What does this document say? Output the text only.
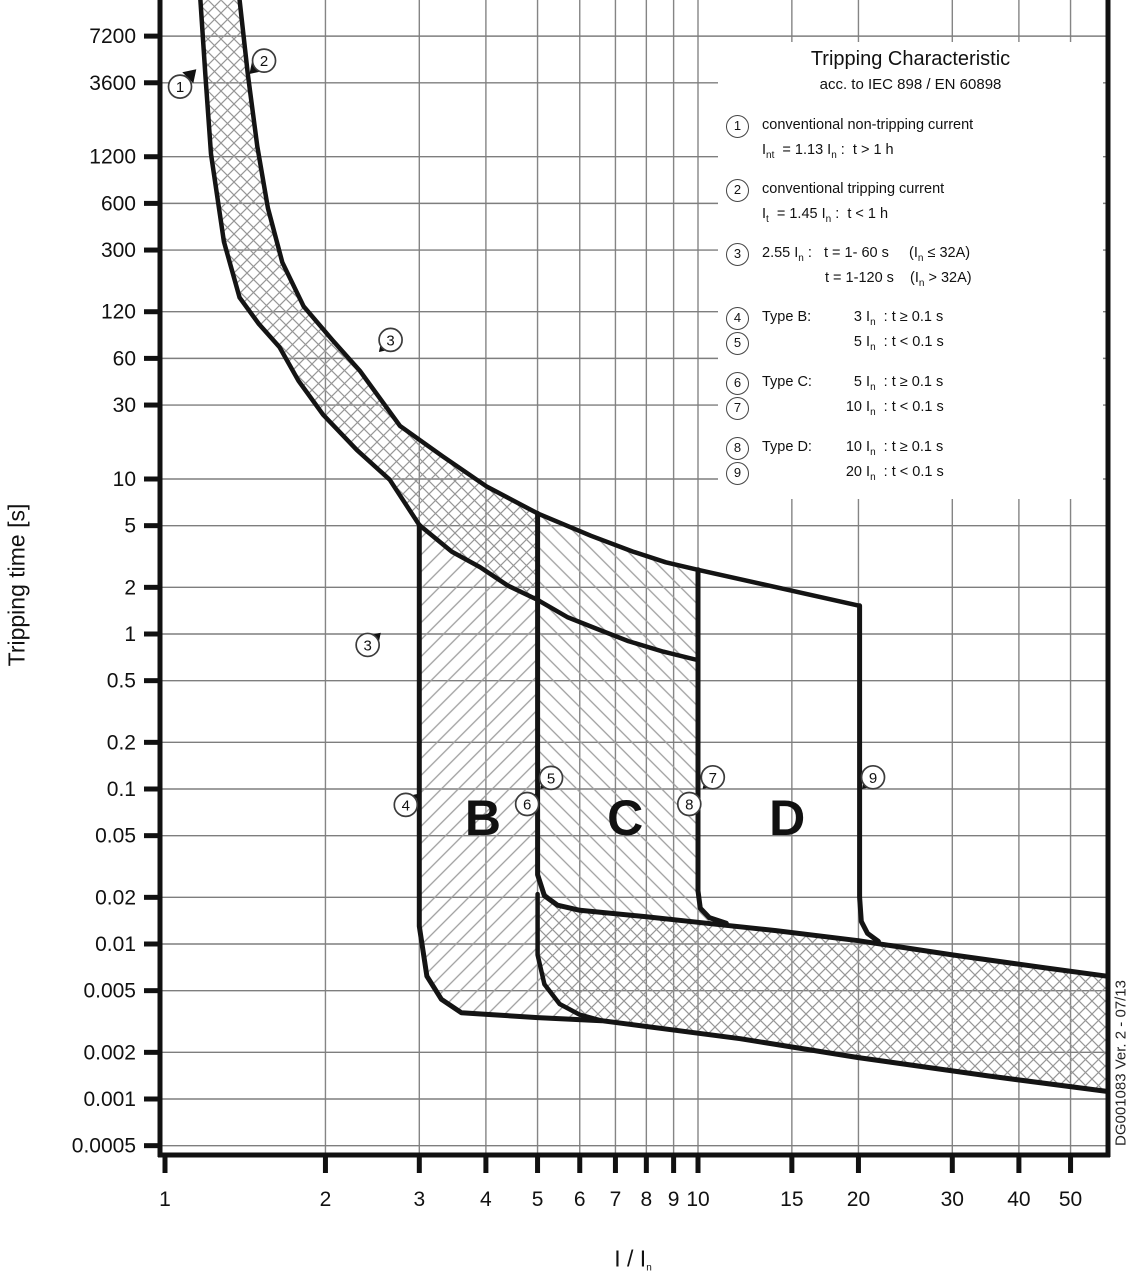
7200
3600
1200
600
300
120
60
30
10
5
2
1
0.5
0.2
0.1
0.05
0.02
0.01
0.005
0.002
0.001
0.0005
1	2	3	4 5 6 7 8 9 10	15 20	30 40 50
B C	D
1
2
3
3
4
5
6
7
8
9
Tripping Characteristic
acc. to IEC 898 / EN 60898
1	conventional non-tripping current
$I_{nt} = 1.13$ $I_n$ :  t > 1 h
2	conventional tripping current
$I_t = 1.45$ $I_n$ :  t < 1 h
3	2.55 $I_n$ :   t = 1- 60 s     $(I_n \le 32A)$
t = 1-120 s    $(I_n > 32A)$
4	Type B:	3 $I_n$  : t ≥ 0.1 s
5	5 $I_n$  : t < 0.1 s
6	Type C:	5 $I_n$  : t ≥ 0.1 s
7	10 $I_n$  : t < 0.1 s
8	Type D: 10 $I_n$  : t ≥ 0.1 s
9	20 $I_n$  : t < 0.1 s
Tripping time [s]
I / $I_n$
DG001083 Ver. 2 - 07/13
